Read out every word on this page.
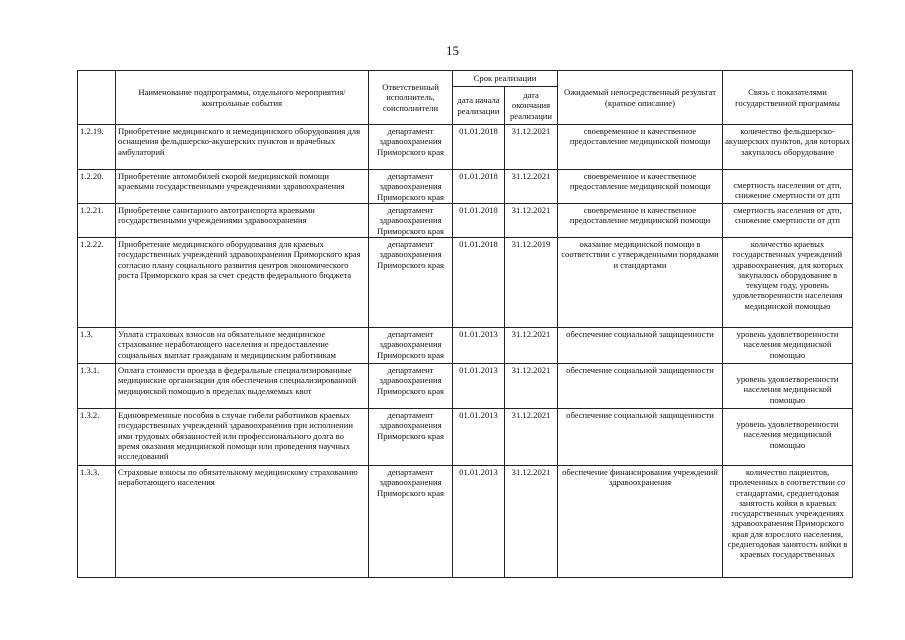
15
	Наименование подпрограммы, отдельного мероприятия/контрольные события	Ответственный исполнитель, соисполнители	Срок реализации		Ожидаемый непосредственный результат (краткое описание)	Связь с показателями государственной программы
			дата начала реализации	дата окончания реализации		
1.2.19.	Приобретение медицинского и немедицинского оборудования для оснащения фельдшерско-акушерских пунктов и врачебных амбулаторий	департамент здравоохранения Приморского края	01.01.2018	31.12.2021	своевременное и качественное предоставление медицинской помощи	количество фельдшерско-акушерских пунктов, для которых закупалось оборудование
1.2.20.	Приобретение автомобилей скорой медицинской помощи краевыми государственными учреждениями здравоохранения	департамент здравоохранения Приморского края	01.01.2018	31.12.2021	своевременное и качественное предоставление медицинской помощи	смертность населения от дтп, снижение смертности от дтп
1.2.21.	Приобретение санитарного автотранспорта краевыми государственными учреждениями здравоохранения	департамент здравоохранения Приморского края	01.01.2018	31.12.2021	своевременное и качественное предоставление медицинской помощи	смертность населения от дтп, снижение смертности от дтп
1.2.22.	Приобретение медицинского оборудования для краевых государственных учреждений здравоохранения Приморского края согласно плану социального развития центров экономического роста Приморского края за счет средств федерального бюджета	департамент здравоохранения Приморского края	01.01.2018	31.12.2019	оказание медицинской помощи в соответствии с утвержденными порядками и стандартами	количество краевых государственных учреждений здравоохранения, для которых закупалось оборудование в текущем году, уровень удовлетворенности населения медицинской помощью
1.3.	Уплата страховых взносов на обязательное медицинское страхование неработающего населения и предоставление социальных выплат гражданам и медицинским работникам	департамент здравоохранения Приморского края	01.01.2013	31.12.2021	обеспечение социальной защищенности	уровень удовлетворенности населения медицинской помощью
1.3.1.	Оплата стоимости проезда в федеральные специализированные медицинские организации для обеспечения специализированной медицинской помощью в пределах выделяемых квот	департамент здравоохранения Приморского края	01.01.2013	31.12.2021	обеспечение социальной защищенности	уровень удовлетворенности населения медицинской помощью
1.3.2.	Единовременные пособия в случае гибели работников краевых государственных учреждений здравоохранения при исполнении ими трудовых обязанностей или профессионального долга во время оказания медицинской помощи или проведения научных исследований	департамент здравоохранения Приморского края	01.01.2013	31.12.2021	обеспечение социальной защищенности	уровень удовлетворенности населения медицинской помощью
1.3.3.	Страховые взносы по обязательному медицинскому страхованию неработающего населения	департамент здравоохранения Приморского края	01.01.2013	31.12.2021	обеспечение финансирования учреждений здравоохранения	количество пациентов, пролеченных в соответствии со стандартами, среднегодовая занятость койки в краевых государственных учреждениях здравоохранения Приморского края для взрослого населения, среднегодовая занятость койки в краевых государственных
